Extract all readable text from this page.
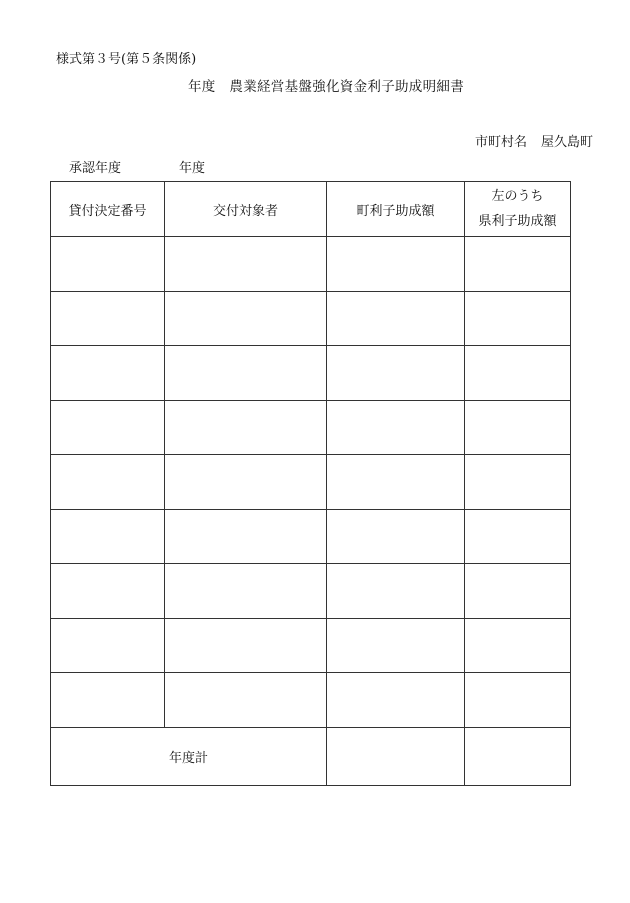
様式第３号(第５条関係)
年度　農業経営基盤強化資金利子助成明細書
市町村名 屋久島町
承認年度	年度
貸付決定番号	交付対象者	町利子助成額	左のうち
県利子助成額

年度計			
